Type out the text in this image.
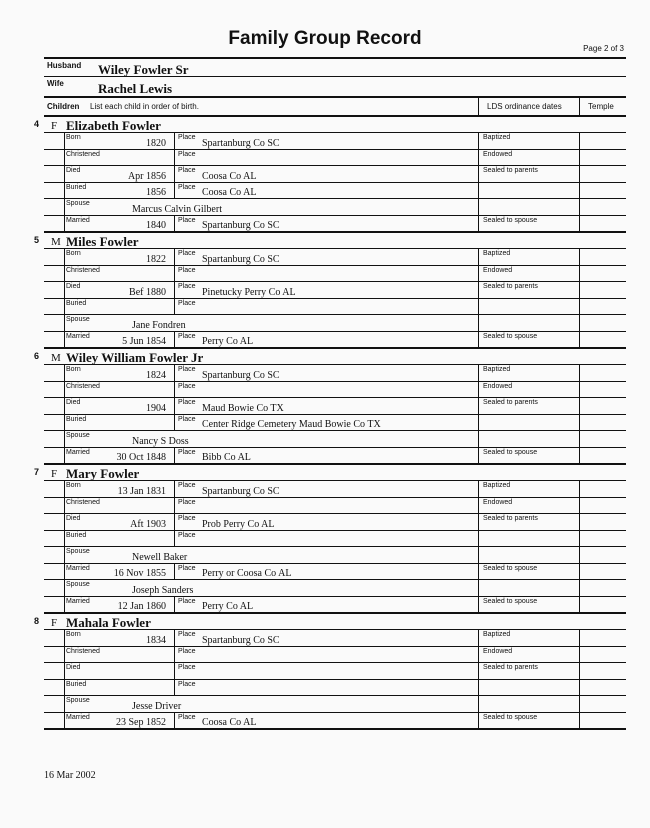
Family Group Record	Page 2 of 3
Husband Wiley Fowler Sr
Wife	Rachel Lewis
Children List each child in order of birth.	LDS ordinance dates	Temple
4 F Elizabeth Fowler
Born	1820 Place Spartanburg Co SC	Baptized
Christened	Place	Endowed
Died	Apr 1856 Place Coosa Co AL	Sealed to parents
Buried	1856 Place Coosa Co AL
Spouse	Marcus Calvin Gilbert
Married	1840 Place Spartanburg Co SC	Sealed to spouse
5 M Miles Fowler
Born	1822 Place Spartanburg Co SC	Baptized
Christened	Place	Endowed
Died	Bef 1880 Place Pinetucky Perry Co AL	Sealed to parents
Buried	Place
Spouse	Jane Fondren
Married	5 Jun 1854 Place Perry Co AL	Sealed to spouse
6 M Wiley William Fowler Jr
Born	1824 Place Spartanburg Co SC	Baptized
Christened	Place	Endowed
Died	1904 Place Maud Bowie Co TX	Sealed to parents
Buried	Place Center Ridge Cemetery Maud Bowie Co TX
Spouse	Nancy S Doss
Married	30 Oct 1848 Place Bibb Co AL	Sealed to spouse
7 F Mary Fowler
Born	13 Jan 1831 Place Spartanburg Co SC	Baptized
Christened	Place	Endowed
Died	Aft 1903 Place Prob Perry Co AL	Sealed to parents
Buried	Place
Spouse	Newell Baker
Married 16 Nov 1855 Place Perry or Coosa Co AL	Sealed to spouse
Spouse	Joseph Sanders
Married	12 Jan 1860 Place Perry Co AL	Sealed to spouse
8 F Mahala Fowler
Born	1834 Place Spartanburg Co SC	Baptized
Christened	Place	Endowed
Died	Place	Sealed to parents
Buried	Place
Spouse	Jesse Driver
Married	23 Sep 1852 Place Coosa Co AL	Sealed to spouse
16 Mar 2002
